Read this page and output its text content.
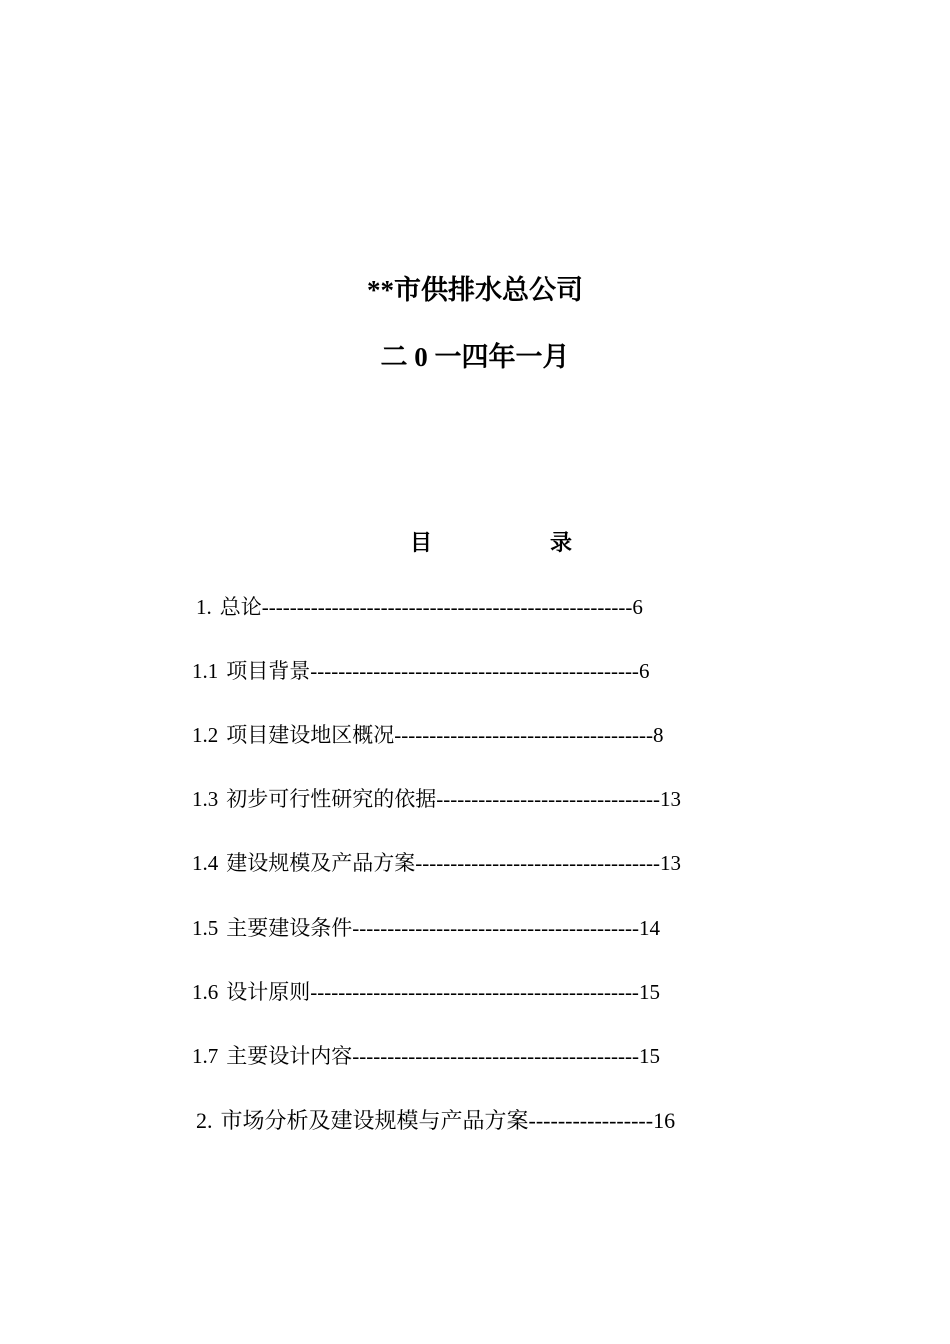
**市供排水总公司
二 0 一四年一月
目	录
1. 总论-----------------------------------------------------6
1.1 项目背景-----------------------------------------------6
1.2 项目建设地区概况-------------------------------------8
1.3 初步可行性研究的依据--------------------------------13
1.4 建设规模及产品方案-----------------------------------13
1.5 主要建设条件-----------------------------------------14
1.6 设计原则-----------------------------------------------15
1.7 主要设计内容-----------------------------------------15
2. 市场分析及建设规模与产品方案-----------------16
